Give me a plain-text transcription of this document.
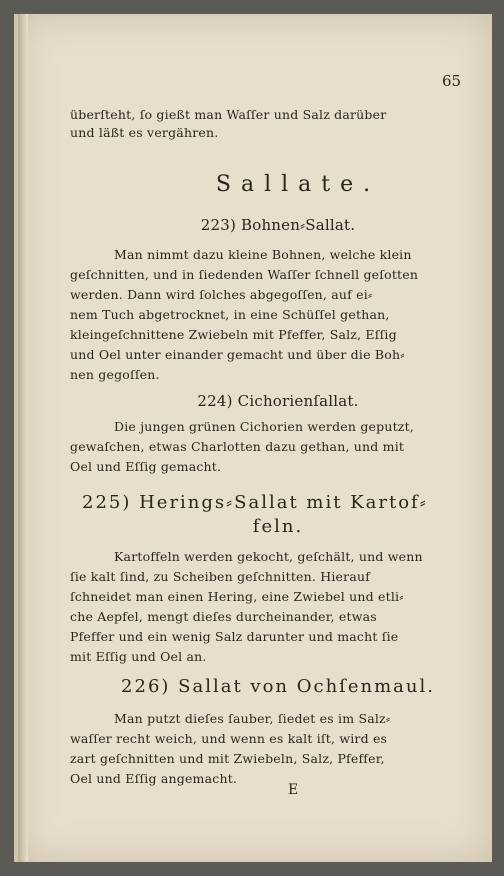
65
überſteht, ſo gießt man Waſſer und Salz darüber
und läßt es vergähren.
Sallate.
223) Bohnen⸗Sallat.
Man nimmt dazu kleine Bohnen, welche klein
geſchnitten, und in ſiedenden Waſſer ſchnell geſotten
werden. Dann wird ſolches abgegoſſen, auf ei⸗
nem Tuch abgetrocknet, in eine Schüſſel gethan,
kleingeſchnittene Zwiebeln mit Pfeffer, Salz, Eſſig
und Oel unter einander gemacht und über die Boh⸗
nen gegoſſen.
224) Cichorienſallat.
Die jungen grünen Cichorien werden geputzt,
gewaſchen, etwas Charlotten dazu gethan, und mit
Oel und Eſſig gemacht.
225) Herings⸗Sallat mit Kartof⸗
feln.
Kartoffeln werden gekocht, geſchält, und wenn
ſie kalt ſind, zu Scheiben geſchnitten. Hierauf
ſchneidet man einen Hering, eine Zwiebel und etli⸗
che Aepfel, mengt dieſes durcheinander, etwas
Pfeffer und ein wenig Salz darunter und macht ſie
mit Eſſig und Oel an.
226) Sallat von Ochſenmaul.
Man putzt dieſes ſauber, ſiedet es im Salz⸗
waſſer recht weich, und wenn es kalt iſt, wird es
zart geſchnitten und mit Zwiebeln, Salz, Pfeffer,
Oel und Eſſig angemacht.
E
